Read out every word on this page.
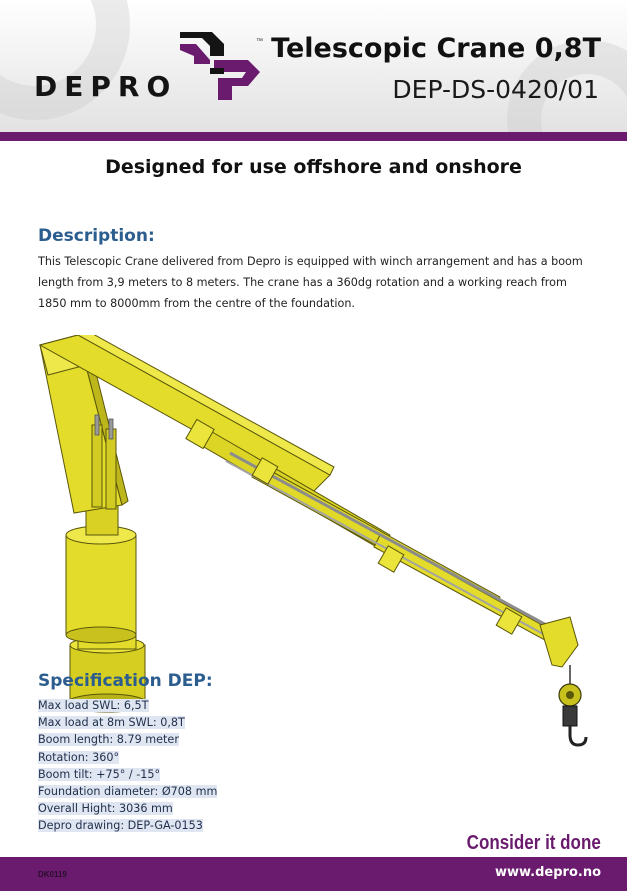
DEPRO
™ Telescopic Crane 0,8T
DEP-DS-0420/01
Designed for use offshore and onshore
Description:
This Telescopic Crane delivered from Depro is equipped with winch arrangement and has a boom length from 3,9 meters to 8 meters. The crane has a 360dg rotation and a working reach from 1850 mm to 8000mm from the centre of the foundation.
Specification DEP:
Max load SWL: 6,5T
Max load at 8m SWL: 0,8T
Boom length: 8.79 meter
Rotation: 360°
Boom tilt: +75° / -15°
Foundation diameter: Ø708 mm
Overall Hight: 3036 mm
Depro drawing: DEP-GA-0153
Consider it done
DK0119	www.depro.no
